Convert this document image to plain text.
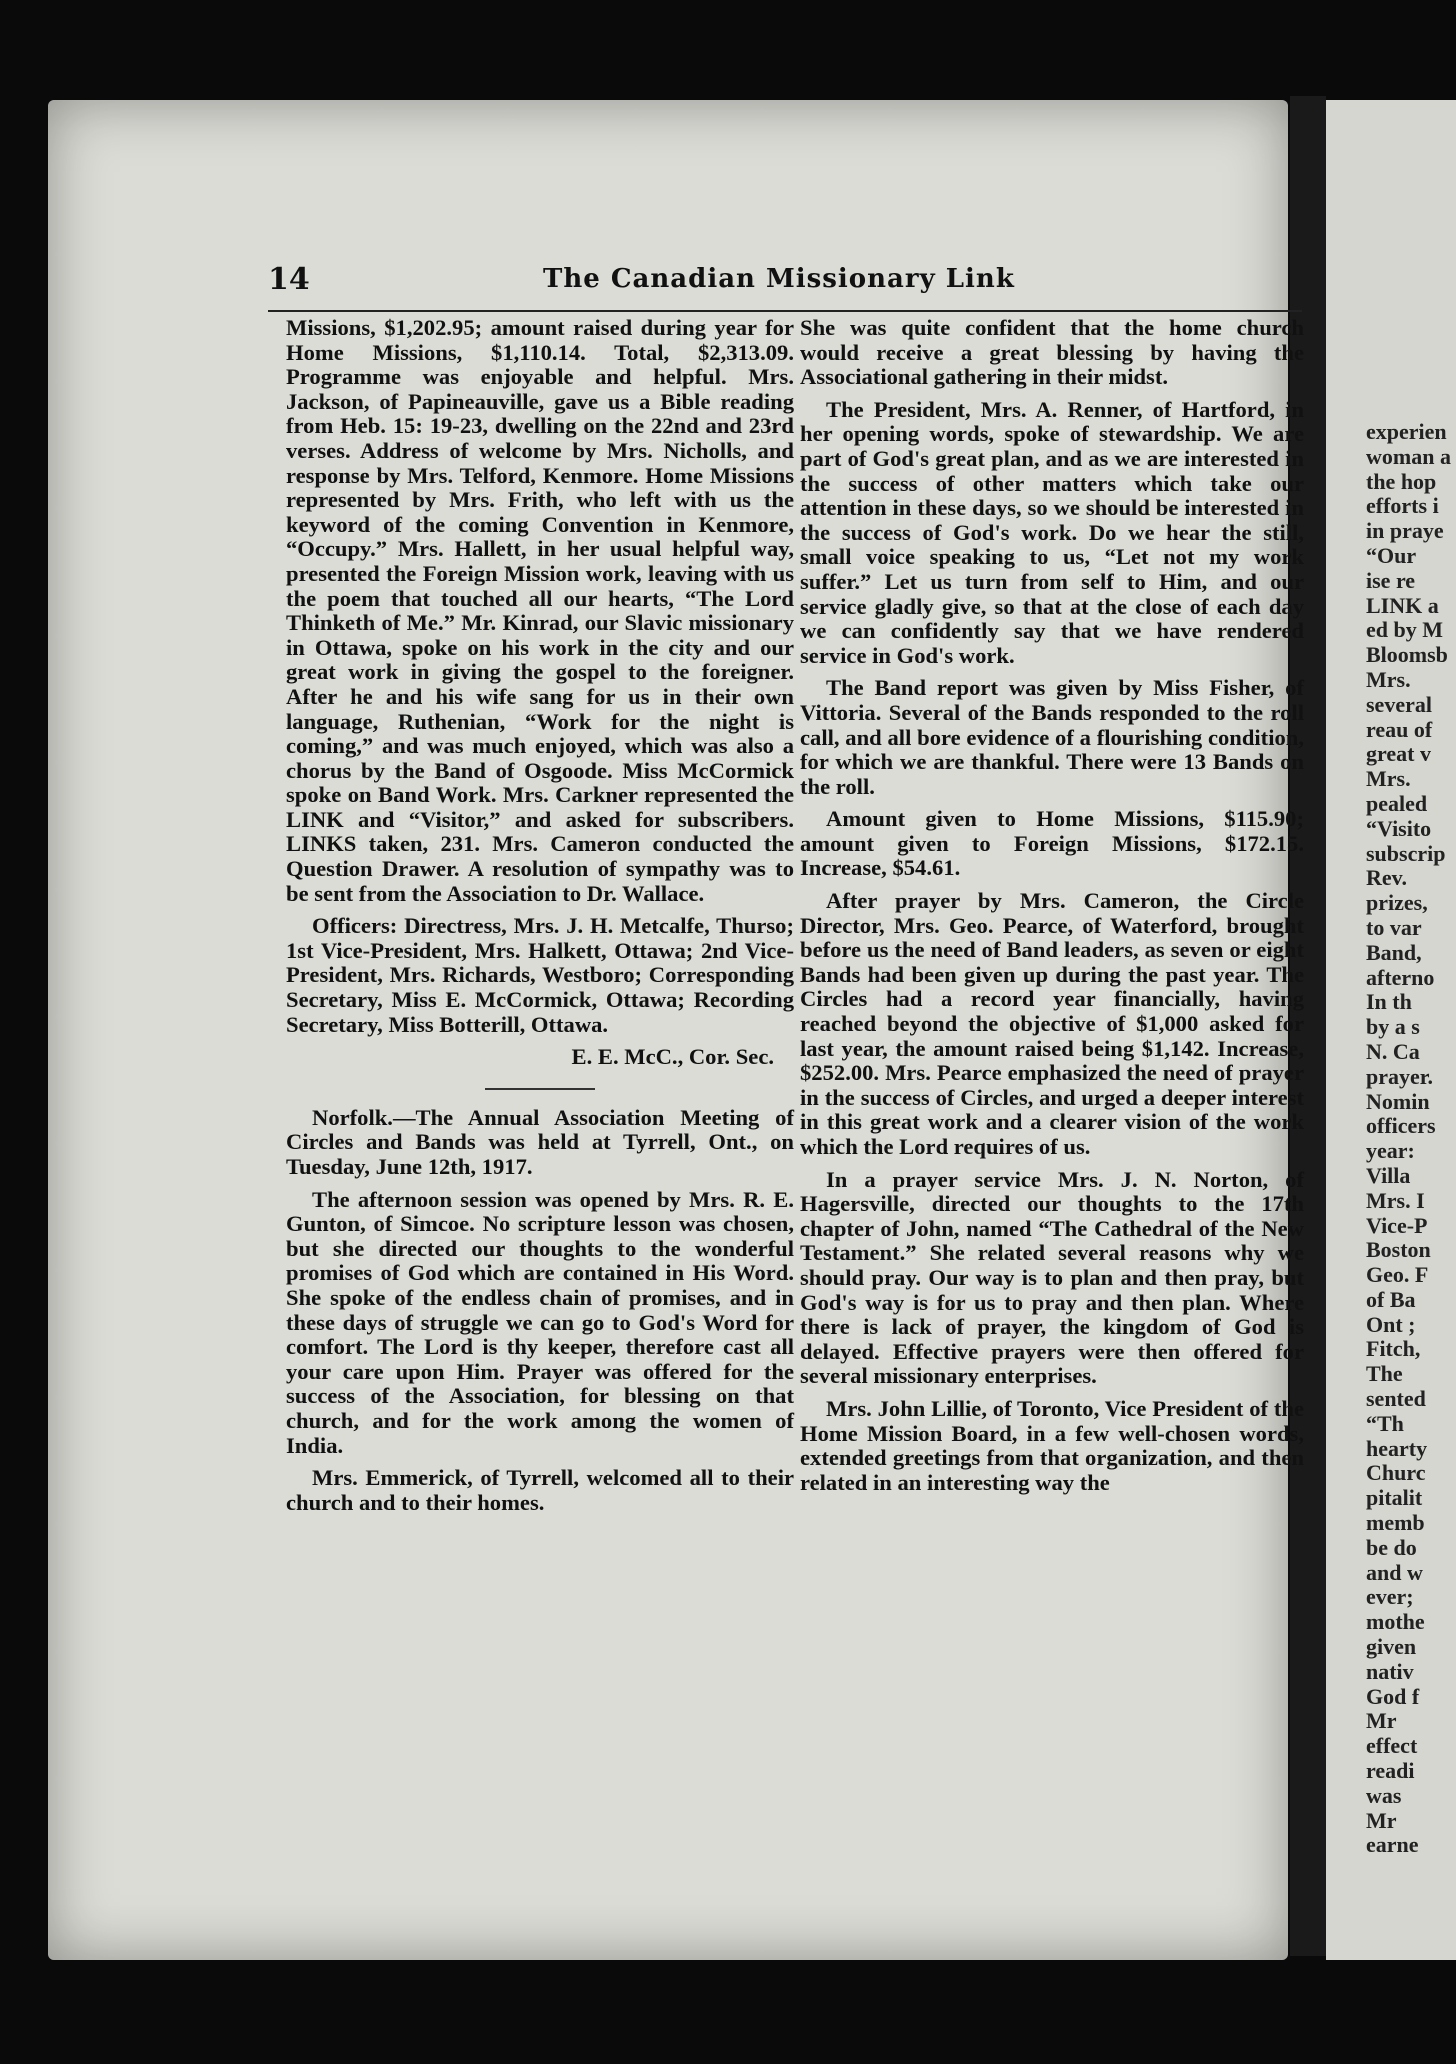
14	The Canadian Missionary Link

Missions, $1,202.95; amount raised during year for Home Missions, $1,110.14. Total, $2,313.09. Programme was enjoyable and helpful. Mrs. Jackson, of Papineauville, gave us a Bible reading from Heb. 15: 19-23, dwelling on the 22nd and 23rd verses. Address of welcome by Mrs. Nicholls, and response by Mrs. Telford, Kenmore. Home Missions represented by Mrs. Frith, who left with us the keyword of the coming Convention in Kenmore, “Occupy.” Mrs. Hallett, in her usual helpful way, presented the Foreign Mission work, leaving with us the poem that touched all our hearts, “The Lord Thinketh of Me.” Mr. Kinrad, our Slavic missionary in Ottawa, spoke on his work in the city and our great work in giving the gospel to the foreigner. After he and his wife sang for us in their own language, Ruthenian, “Work for the night is coming,” and was much enjoyed, which was also a chorus by the Band of Osgoode. Miss McCormick spoke on Band Work. Mrs. Carkner represented the LINK and “Visitor,” and asked for subscribers. LINKS taken, 231. Mrs. Cameron conducted the Question Drawer. A resolution of sympathy was to be sent from the Association to Dr. Wallace.

Officers: Directress, Mrs. J. H. Metcalfe, Thurso; 1st Vice-President, Mrs. Halkett, Ottawa; 2nd Vice-President, Mrs. Richards, Westboro; Corresponding Secretary, Miss E. McCormick, Ottawa; Recording Secretary, Miss Botterill, Ottawa.

E. E. McC., Cor. Sec.

Norfolk.—The Annual Association Meeting of Circles and Bands was held at Tyrrell, Ont., on Tuesday, June 12th, 1917.

The afternoon session was opened by Mrs. R. E. Gunton, of Simcoe. No scripture lesson was chosen, but she directed our thoughts to the wonderful promises of God which are contained in His Word. She spoke of the endless chain of promises, and in these days of struggle we can go to God's Word for comfort. The Lord is thy keeper, therefore cast all your care upon Him. Prayer was offered for the success of the Association, for blessing on that church, and for the work among the women of India.

Mrs. Emmerick, of Tyrrell, welcomed all to their church and to their homes.

She was quite confident that the home church would receive a great blessing by having the Associational gathering in their midst.

The President, Mrs. A. Renner, of Hartford, in her opening words, spoke of stewardship. We are part of God's great plan, and as we are interested in the success of other matters which take our attention in these days, so we should be interested in the success of God's work. Do we hear the still, small voice speaking to us, “Let not my work suffer.” Let us turn from self to Him, and our service gladly give, so that at the close of each day we can confidently say that we have rendered service in God's work.

The Band report was given by Miss Fisher, of Vittoria. Several of the Bands responded to the roll call, and all bore evidence of a flourishing condition, for which we are thankful. There were 13 Bands on the roll.

Amount given to Home Missions, $115.90; amount given to Foreign Missions, $172.15. Increase, $54.61.

After prayer by Mrs. Cameron, the Circle Director, Mrs. Geo. Pearce, of Waterford, brought before us the need of Band leaders, as seven or eight Bands had been given up during the past year. The Circles had a record year financially, having reached beyond the objective of $1,000 asked for last year, the amount raised being $1,142. Increase, $252.00. Mrs. Pearce emphasized the need of prayer in the success of Circles, and urged a deeper interest in this great work and a clearer vision of the work which the Lord requires of us.

In a prayer service Mrs. J. N. Norton, of Hagersville, directed our thoughts to the 17th chapter of John, named “The Cathedral of the New Testament.” She related several reasons why we should pray. Our way is to plan and then pray, but God's way is for us to pray and then plan. Where there is lack of prayer, the kingdom of God is delayed. Effective prayers were then offered for several missionary enterprises.

Mrs. John Lillie, of Toronto, Vice President of the Home Mission Board, in a few well-chosen words, extended greetings from that organization, and then related in an interesting way the

experien

woman a

the hop

efforts i

in praye

“Our

ise re

LINK a

ed by M

Bloomsb

Mrs.

several

reau of

great v

Mrs.

pealed

“Visito

subscrip

Rev.

prizes,

to var

Band,

afterno

In th

by a s

N. Ca

prayer.

Nomin

officers

year:

Villa

Mrs. I

Vice-P

Boston

Geo. F

of Ba

Ont ;

Fitch,

The

sented

“Th

hearty

Churc

pitalit

memb

be do

and w

ever;

mothe

given

nativ

God f

Mr

effect

readi

was

Mr

earne
